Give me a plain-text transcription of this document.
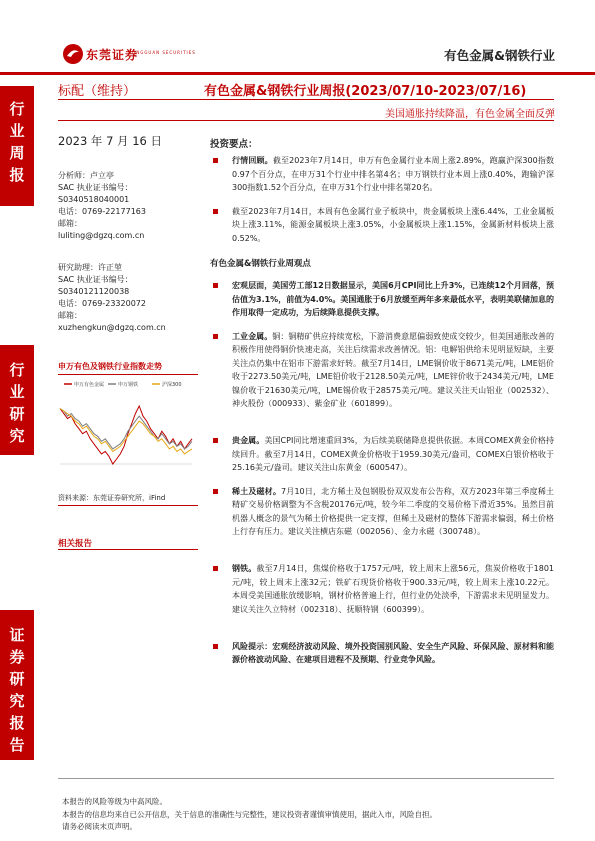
东莞证券
DONGGUAN SECURITIES	有色金属&钢铁行业
行
业
周
报
行
业
研
究
证
券
研
究
报
告
标配（维持）	有色金属&钢铁行业周报(2023/07/10-2023/07/16)
美国通胀持续降温，有色金属全面反弹
2023 年 7 月 16 日
分析师：卢立亭
SAC 执业证书编号：
S0340518040001
电话：0769-22177163
邮箱：
luliting@dgzq.com.cn
研究助理：许正堃
SAC 执业证书编号：
S0340121120038
电话：0769-23320072
邮箱：
xuzhengkun@dgzq.com.cn
申万有色及钢铁行业指数走势
申万有色金属	申万钢铁	沪深300
资料来源：东莞证券研究所，iFind
相关报告
投资要点：
行情回顾。截至2023年7月14日，申万有色金属行业本周上涨2.89%，跑赢沪深300指数0.97个百分点，在申万31个行业中排名第4名；申万钢铁行业本周上涨0.40%，跑输沪深300指数1.52个百分点，在申万31个行业中排名第20名。
截至2023年7月14日，本周有色金属行业子板块中，贵金属板块上涨6.44%，工业金属板块上涨3.11%，能源金属板块上涨3.05%，小金属板块上涨1.15%，金属新材料板块上涨0.52%。
有色金属&钢铁行业周观点
宏观层面，美国劳工部12日数据显示，美国6月CPI同比上升3%，已连续12个月回落，预估值为3.1%，前值为4.0%。美国通胀于6月放缓至两年多来最低水平，表明美联储加息的作用取得一定成功，为后续降息提供支撑。
工业金属。铜：铜精矿供应持续宽松，下游消费意愿偏弱致使成交较少，但美国通胀改善的积极作用使得铜价快速走高，关注后续需求改善情况。铝：电解铝供给未见明显短缺，主要关注点仍集中在铝市下游需求好转。截至7月14日，LME铜价收于8671美元/吨，LME铝价收于2273.50美元/吨，LME铅价收于2128.50美元/吨，LME锌价收于2434美元/吨，LME镍价收于21630美元/吨，LME锡价收于28575美元/吨。建议关注天山铝业（002532）、神火股份（000933）、紫金矿业（601899）。
贵金属。美国CPI同比增速重回3%，为后续美联储降息提供依据。本周COMEX黄金价格持续回升。截至7月14日，COMEX黄金价格收于1959.30美元/盎司，COMEX白银价格收于25.16美元/盎司。建议关注山东黄金（600547）。
稀土及磁材。7月10日，北方稀土及包钢股份双双发布公告称，双方2023年第三季度稀土精矿交易价格调整为不含税20176元/吨，较今年二季度的交易价格下滑近35%。虽然目前机器人概念的景气为稀土价格提供一定支撑，但稀土及磁材的整体下游需求偏弱，稀土价格上行存有压力。建议关注横店东磁（002056）、金力永磁（300748）。
钢铁。截至7月14日，焦煤价格收于1757元/吨，较上周末上涨56元，焦炭价格收于1801元/吨，较上周末上涨32元；铁矿石现货价格收于900.33元/吨，较上周末上涨10.22元。本周受美国通胀放缓影响，钢材价格普遍上行，但行业仍处淡季，下游需求未见明显发力。建议关注久立特材（002318）、抚顺特钢（600399）。
风险提示：宏观经济波动风险、境外投资国别风险、安全生产风险、环保风险、原材料和能源价格波动风险、在建项目进程不及预期、行业竞争风险。
本报告的风险等级为中高风险。
本报告的信息均来自已公开信息，关于信息的准确性与完整性，建议投资者谨慎审慎使用，据此入市，风险自担。
请务必阅读末页声明。
